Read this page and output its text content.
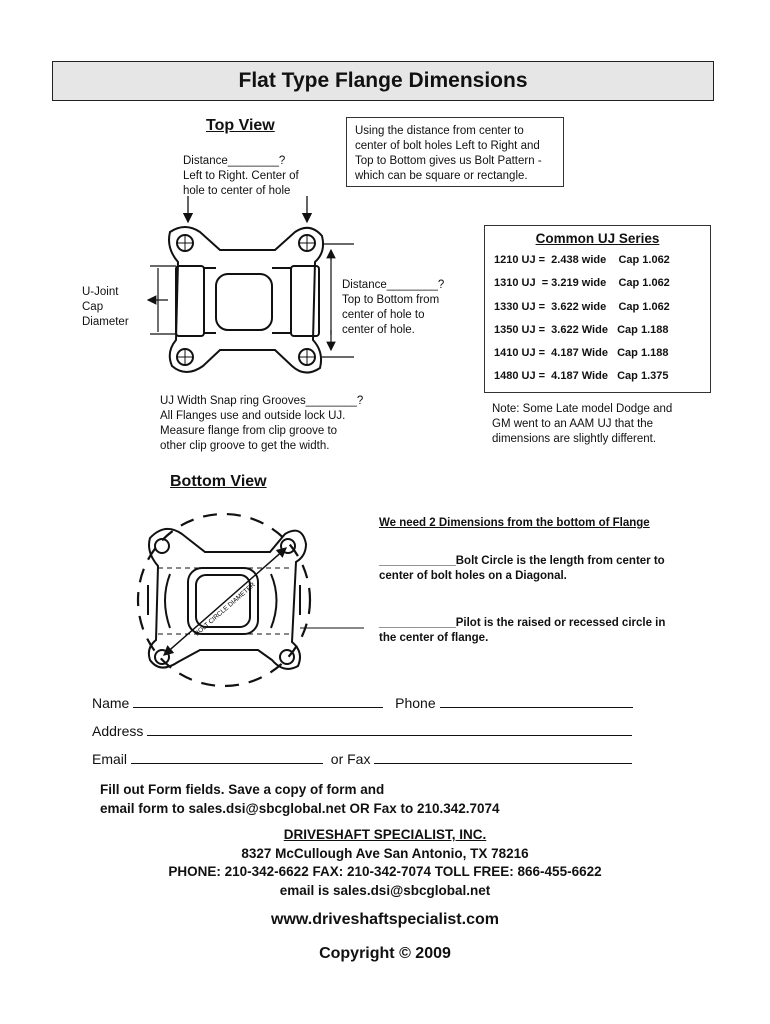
Flat Type Flange Dimensions
Top View
Distance________?
Left to Right. Center of
hole to center of hole
Using the distance from center to
center of bolt holes Left to Right and
Top to Bottom gives us Bolt Pattern -
which can be square or rectangle.
U-Joint
Cap
Diameter
Distance________?
Top to Bottom from
center of hole to
center of hole.
UJ Width Snap ring Grooves________?
All Flanges use and outside lock UJ.
Measure flange from clip groove to
other clip groove to get the width.
Common UJ Series
1210 UJ =  2.438 wide    Cap 1.062
1310 UJ  = 3.219 wide    Cap 1.062
1330 UJ =  3.622 wide    Cap 1.062
1350 UJ =  3.622 Wide   Cap 1.188
1410 UJ =  4.187 Wide   Cap 1.188
1480 UJ =  4.187 Wide   Cap 1.375
Note: Some Late model Dodge and
GM went to an AAM UJ that the
dimensions are slightly different.
Bottom View
We need 2 Dimensions from the bottom of Flange
____________Bolt Circle is the length from center to
center of bolt holes on a Diagonal.
____________Pilot is the raised or recessed circle in
the center of flange.
BOLT CIRCLE DIAMETER
Name	Phone
Address
Email	or Fax
Fill out Form fields. Save a copy of form and
email form to sales.dsi@sbcglobal.net OR Fax to 210.342.7074
DRIVESHAFT SPECIALIST, INC.
8327 McCullough Ave San Antonio, TX 78216
PHONE: 210-342-6622 FAX: 210-342-7074 TOLL FREE: 866-455-6622
email is sales.dsi@sbcglobal.net
www.driveshaftspecialist.com
Copyright © 2009
